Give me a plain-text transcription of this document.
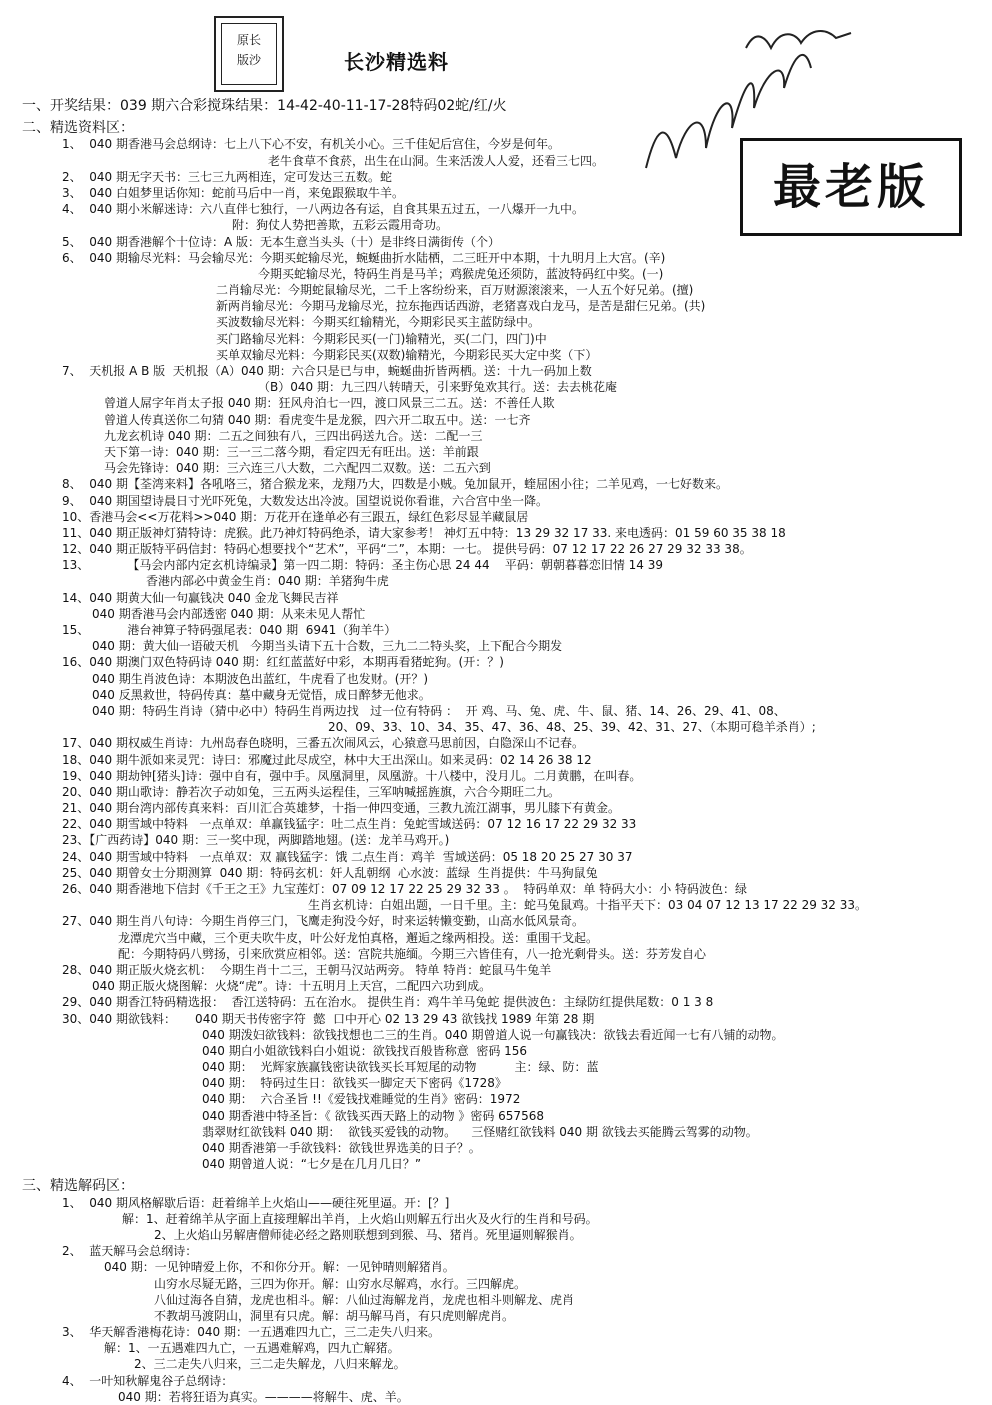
原长
版沙	长沙精选料
最老版
一、开奖结果：039 期六合彩搅珠结果：14-42-40-11-17-28特码02蛇/红/火
二、精选资料区：
1、  040 期香港马会总纲诗：七上八下心不安，有机关小心。三千佳妃后宫住，今岁是何年。
老牛食草不食菸，出生在山洞。生来活泼人人爱，还看三七四。
2、  040 期无字天书：三七三九两相连，定可发达三五数。蛇
3、  040 白姐梦里话你知：蛇前马后中一肖，来兔跟猴取牛羊。
4、  040 期小米解迷诗：六八直伴七独行，一八两边各有运，自食其果五过五，一八爆开一九中。
附：狗仗人势把善欺，五彩云霞用奇功。
5、  040 期香港解个十位诗：A 版：无本生意当头头（十）是非终日满街传（个）
6、  040 期输尽光料：马会输尽光：今期买蛇输尽光，蜿蜒曲折水陆栖，二三旺开中本期，十九明月上大宫。(辛)
今期买蛇输尽光，特码生肖是马羊；鸡猴虎兔还须防，蓝波特码红中奖。(一)
二肖输尽光：今期蛇鼠输尽光，二千上客纷纷来，百万财源滚滚来，一人五个好兄弟。(擅)
新两肖输尽光：今期马龙输尽光，拉东拖西话西游，老猪喜戏白龙马，是苦是甜仨兄弟。(共)
买波数输尽光料：今期买红输精光，今期彩民买主蓝防绿中。
买门路输尽光料：今期彩民买(一门)输精光，买(二门，四门)中
买单双输尽光料：今期彩民买(双数)输精光，今期彩民买大定中奖（下）
7、  天机报 A B 版  天机报（A）040 期：六合只是已与申，蜿蜒曲折皆两栖。送：十九一码加上数
（B）040 期：九三四八转晴天，引来野兔欢其行。送：去去桃花庵
曾道人屌字年肖太子报 040 期：狂风舟泊七一四，渡口风景三二五。送：不善任人欺
曾道人传真送你二句猜 040 期：看虎变牛是龙猴，四六开二取五中。送：一七齐
九龙玄机诗 040 期：二五之间独有八，三四出码送九合。送：二配一三
天下第一诗：040 期：三一三二落今期，看定四无有旺出。送：羊前跟
马会先锋诗：040 期：三六连三八大数，二六配四二双数。送：二五六到
8、  040 期【荃湾来料】各吼咯三，猪合猴龙来，龙翔乃大，四数是小贼。兔加鼠开，蝰屈困小往；二羊见鸡，一七好数来。
9、  040 期国望诗晨日寸光吓死兔，大数发达出冷波。国望说说你看谁，六合宫中坐一降。
10、香港马会<<万花料>>040 期：万花开在逢单必有三跟五，绿红色彩尽显羊藏鼠居
11、040 期正版神灯猜特诗：虎猴。此乃神灯特码绝杀，请大家参考！ 神灯五中特：13 29 32 17 33. 来电透码：01 59 60 35 38 18
12、040 期正版特平码信封：特码心想要找个“艺术”，平码“二”，本期：一七。 提供号码：07 12 17 22 26 27 29 32 33 38。
13、          【马会内部内定玄机诗编录】第一四二期：特码：圣主伤心思 24 44    平码：朝朝暮暮恋旧情 14 39
香港内部必中黄金生肖：040 期：羊猪狗牛虎
14、040 期黄大仙一句赢钱决 040 金龙飞舞民吉祥
040 期香港马会内部透密 040 期：从来未见人帮忙
15、          港台神算子特码强尾表：040 期  6941（狗羊牛）
040 期：黄大仙一语破天机   今期当头请下五十合数，三九二二特头奖，上下配合今期发
16、040 期澳门双色特码诗 040 期：红红蓝蓝好中彩，本期再看猪蛇狗。(开：？)
040 期生肖波色诗：本期波色出蓝红，牛虎看了也发财。(开？)
040 反黑救世，特码传真：墓中藏身无觉悟，成日醉梦无他求。
040 期：特码生肖诗（猜中必中）特码生肖两边找   过一位有特码 ：  开 鸡、马、兔、虎、牛、鼠、猪、14、26、29、41、08、
20、09、33、10、34、35、47、36、48、25、39、42、31、27、（本期可稳羊杀肖）;
17、040 期权威生肖诗：九州岛春色晓明，三番五次闹风云，心猿意马思前因，白隐深山不记春。
18、040 期牛派如来灵咒：诗曰：邪魔过此尽成空，林中大王出深山。如来灵码：02 14 26 38 12
19、040 期劫钟[猪头]诗：强中自有，强中手。凤凰洞里，凤凰游。十八楼中，没月儿。二月黄鹏，在叫春。
20、040 期山歌诗：静若次子动如兔，三五两头运程佳，三军呐喊摇旌旗，六合今期旺二九。
21、040 期台湾内部传真来料：百川汇合英雄梦，十指一伸四变通，三教九流江湖事，男儿膝下有黄金。
22、040 期雪域中特料   一点单双：单赢钱猛字：吐二点生肖：兔蛇雪域送码：07 12 16 17 22 29 32 33
23、【广西药诗】040 期：三一奖中现，两脚踏地翅。(送：龙羊马鸡开。)
24、040 期雪域中特料   一点单双：双 赢钱猛字：饿 二点生肖：鸡羊  雪域送码：05 18 20 25 27 30 37
25、040 期曾女士分期测算  040 期：特码玄机：奸人乱朝纲  心水波：蓝绿  生肖提供：牛马狗鼠兔
26、040 期香港地下信封《千王之王》九宝莲灯：07 09 12 17 22 25 29 32 33 。  特码单双：单 特码大小：小 特码波色：绿
生肖玄机诗：白姐出题，一日千里。主：蛇马兔鼠鸡。十指平天下：03 04 07 12 13 17 22 29 32 33。
27、040 期生肖八句诗：今期生肖停三门，飞鹰走狗没今好，时来运转懒变勤，山高水低风景奇。
龙潭虎穴当中藏，三个更夫吹牛皮，叶公好龙怕真格，邂逅之缘两相投。送：重围干戈起。
配：今期特码八劈扬，引来欣赏应相邻。送：宫院共施缅。今期三六皆佳有，八一抢光剩骨头。送：芬芳发自心
28、040 期正版火烧玄机：  今期生肖十二三，王朝马汉站两旁。 特单 特肖：蛇鼠马牛兔羊
040 期正版火烧图解：火烧“虎”。诗：十五明月上天宫，二配四六功到成。
29、040 期香江特码精选报：  香江送特码：五在治水。 提供生肖：鸡牛羊马兔蛇 提供波色：主绿防红提供尾数：0 1 3 8
30、040 期欲钱料：     040 期天书传密字符  懿  口中开心 02 13 29 43 欲钱找 1989 年第 28 期
040 期泼妇欲钱料：欲钱找想也二三的生肖。040 期曾道人说一句赢钱决：欲钱去看近闻一七有八铺的动物。
040 期白小姐欲钱料白小姐说：欲钱找百般皆称意  密码 156
040 期：  光辉家族赢钱密诀欲钱买长耳短尾的动物          主：绿、防：蓝
040 期：  特码过生日：欲钱买一脚定天下密码《1728》
040 期：  六合圣旨 !!《爱钱找难睡觉的生肖》密码：1972
040 期香港中特圣旨：《 欲钱买西天路上的动物 》密码 657568
翡翠财红欲钱料 040 期：  欲钱买爱钱的动物。    三怪赌红欲钱料 040 期 欲钱去买能腾云驾雾的动物。
040 期香港第一手欲钱料：欲钱世界选美的日子？。
040 期曾道人说：“七夕是在几月几日？”
三、精选解码区：
1、  040 期风格解歇后语：赶着绵羊上火焰山——硬往死里逼。开：[？]
解：1、赶着绵羊从字面上直接理解出羊肖，上火焰山则解五行出火及火行的生肖和号码。
2、上火焰山另解唐僧师徒必经之路则联想到到猴、马、猪肖。死里逼则解猴肖。
2、  蓝天解马会总纲诗：
040 期：一见钟晴爱上你，不和你分开。解：一见钟晴则解猪肖。
山穷水尽疑无路，三四为你开。解：山穷水尽解鸡，水行。三四解虎。
八仙过海各自猜，龙虎也相斗。解：八仙过海解龙肖，龙虎也相斗则解龙、虎肖
不教胡马渡阴山，洞里有只虎。解：胡马解马肖，有只虎则解虎肖。
3、  华天解香港梅花诗：040 期：一五遇难四九亡，三二走失八归来。
解：1、一五遇难四九亡，一五遇难解鸡，四九亡解猪。
2、三二走失八归来，三二走失解龙，八归来解龙。
4、  一叶知秋解鬼谷子总纲诗：
040 期：若将狂语为真实。————将解牛、虎、羊。
